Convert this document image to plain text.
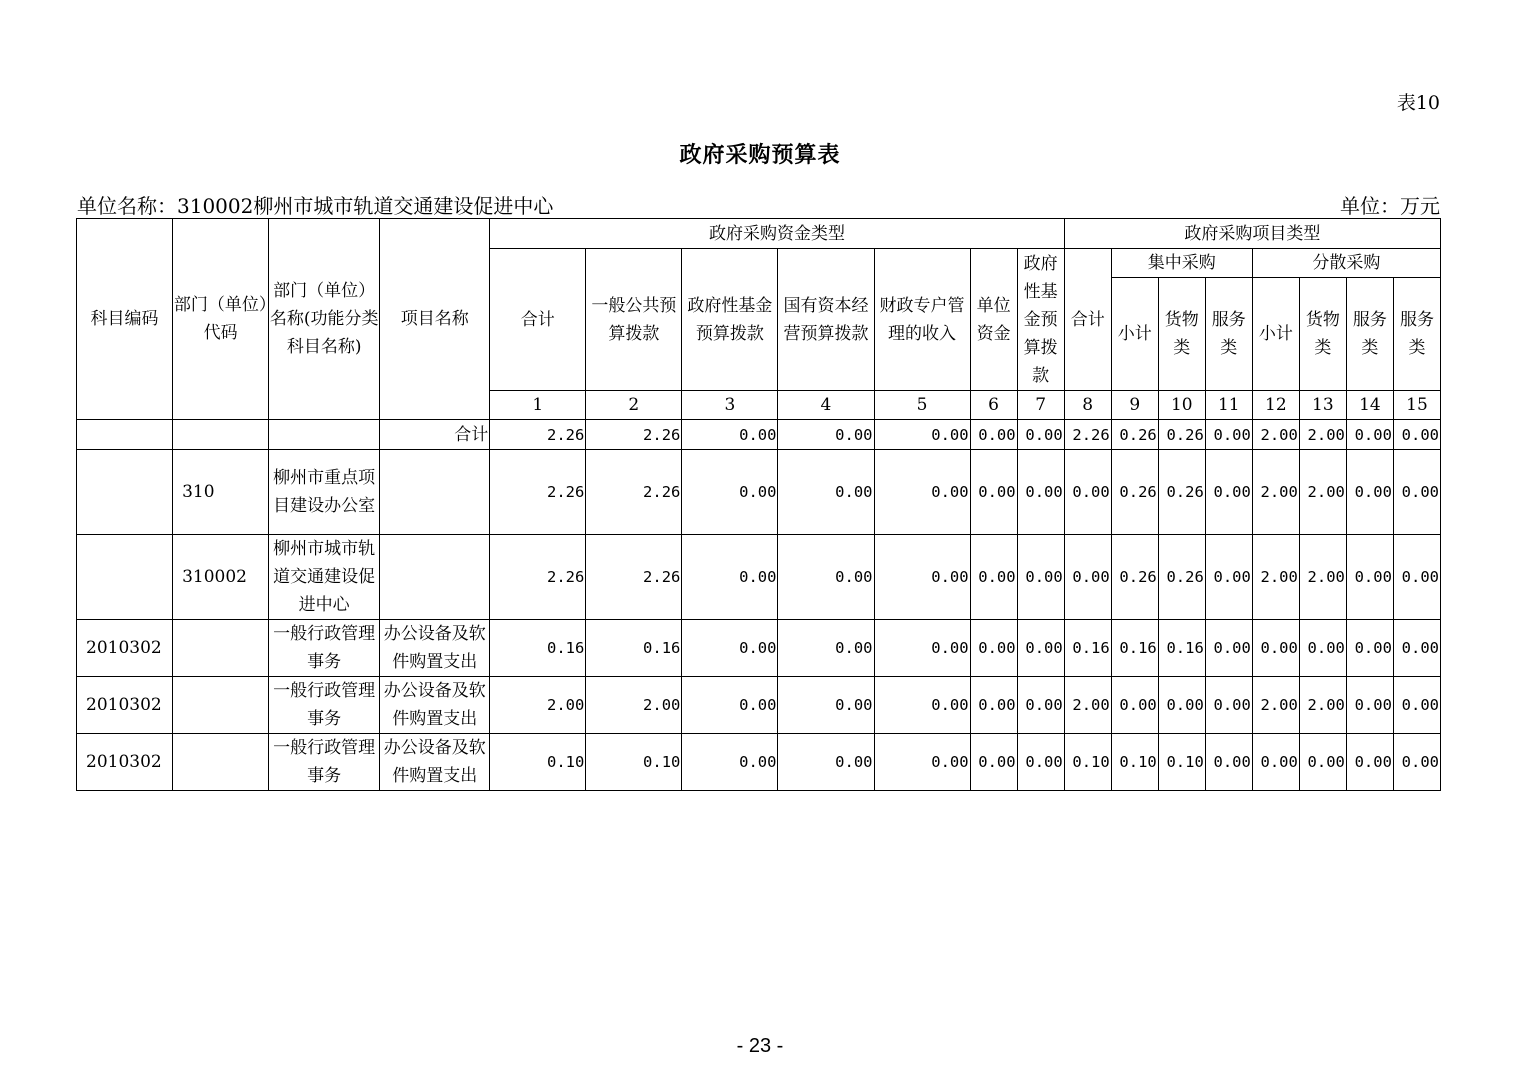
表10
政府采购预算表
单位名称：310002柳州市城市轨道交通建设促进中心	单位：万元
科目编码	部门（单位）代码	部门（单位）名称(功能分类科目名称)	项目名称	政府采购资金类型							政府采购项目类型							
				合计	一般公共预算拨款	政府性基金预算拨款	国有资本经营预算拨款	财政专户管理的收入	单位资金	政府性基金预算拨款	合计	集中采购			分散采购			
												小计	货物类	服务类	小计	货物类	服务类	服务类
				1	2	3	4	5	6	7	8	9	10	11	12	13	14	15
			合计	2.26	2.26	0.00	0.00	0.00	0.00	0.00	2.26	0.26	0.26	0.00	2.00	2.00	0.00	0.00
	310	柳州市重点项目建设办公室		2.26	2.26	0.00	0.00	0.00	0.00	0.00	0.00	0.26	0.26	0.00	2.00	2.00	0.00	0.00
	310002	柳州市城市轨道交通建设促进中心		2.26	2.26	0.00	0.00	0.00	0.00	0.00	0.00	0.26	0.26	0.00	2.00	2.00	0.00	0.00
2010302		一般行政管理事务	办公设备及软件购置支出	0.16	0.16	0.00	0.00	0.00	0.00	0.00	0.16	0.16	0.16	0.00	0.00	0.00	0.00	0.00
2010302		一般行政管理事务	办公设备及软件购置支出	2.00	2.00	0.00	0.00	0.00	0.00	0.00	2.00	0.00	0.00	0.00	2.00	2.00	0.00	0.00
2010302		一般行政管理事务	办公设备及软件购置支出	0.10	0.10	0.00	0.00	0.00	0.00	0.00	0.10	0.10	0.10	0.00	0.00	0.00	0.00	0.00
- 23 -
